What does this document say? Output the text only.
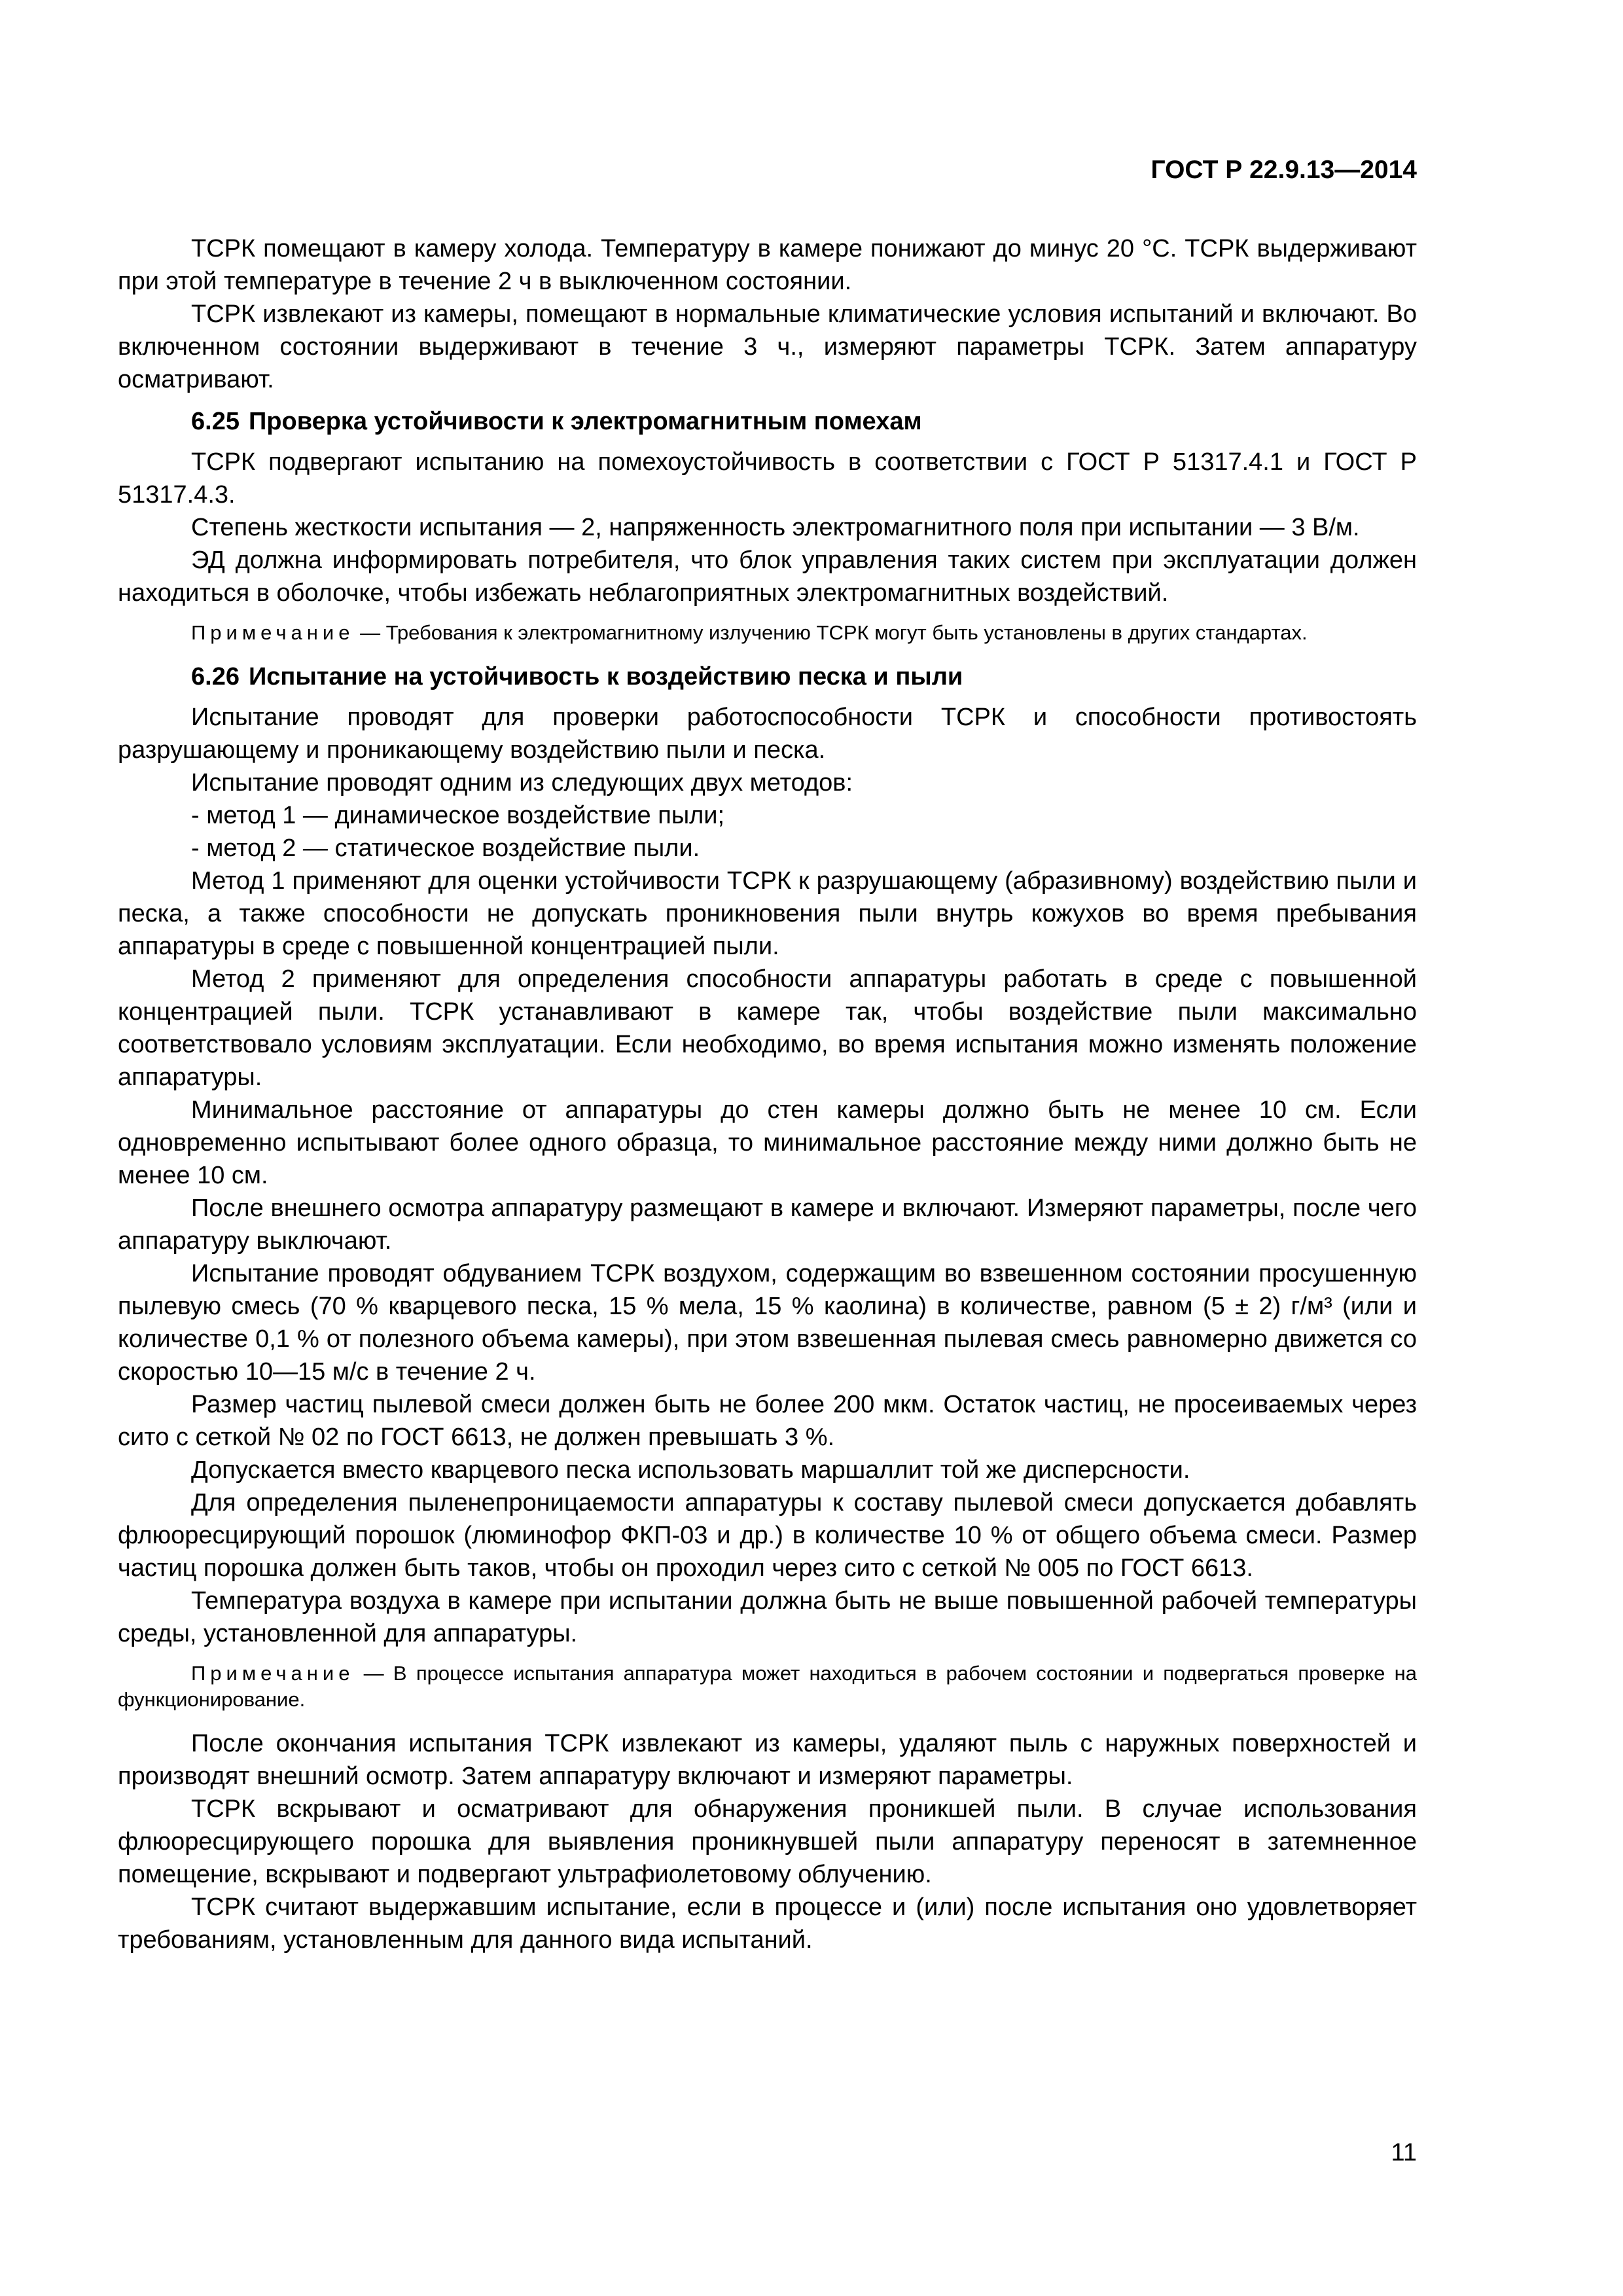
ГОСТ Р 22.9.13—2014

ТСРК помещают в камеру холода. Температуру в камере понижают до минус 20 °С. ТСРК выдерживают при этой температуре в течение 2 ч в выключенном состоянии.

ТСРК извлекают из камеры, помещают в нормальные климатические условия испытаний и включают. Во включенном состоянии выдерживают в течение 3 ч., измеряют параметры ТСРК. Затем аппаратуру осматривают.

6.25 Проверка устойчивости к электромагнитным помехам

ТСРК подвергают испытанию на помехоустойчивость в соответствии с ГОСТ Р 51317.4.1 и ГОСТ Р 51317.4.3.

Степень жесткости испытания — 2, напряженность электромагнитного поля при испытании — 3 В/м.

ЭД должна информировать потребителя, что блок управления таких систем при эксплуатации должен находиться в оболочке, чтобы избежать неблагоприятных электромагнитных воздействий.

Примечание — Требования к электромагнитному излучению ТСРК могут быть установлены в других стандартах.
6.26 Испытание на устойчивость к воздействию песка и пыли

Испытание проводят для проверки работоспособности ТСРК и способности противостоять разрушающему и проникающему воздействию пыли и песка.

Испытание проводят одним из следующих двух методов:

- метод 1 — динамическое воздействие пыли;

- метод 2 — статическое воздействие пыли.

Метод 1 применяют для оценки устойчивости ТСРК к разрушающему (абразивному) воздействию пыли и песка, а также способности не допускать проникновения пыли внутрь кожухов во время пребывания аппаратуры в среде с повышенной концентрацией пыли.

Метод 2 применяют для определения способности аппаратуры работать в среде с повышенной концентрацией пыли. ТСРК устанавливают в камере так, чтобы воздействие пыли максимально соответствовало условиям эксплуатации. Если необходимо, во время испытания можно изменять положение аппаратуры.

Минимальное расстояние от аппаратуры до стен камеры должно быть не менее 10 см. Если одновременно испытывают более одного образца, то минимальное расстояние между ними должно быть не менее 10 см.

После внешнего осмотра аппаратуру размещают в камере и включают. Измеряют параметры, после чего аппаратуру выключают.

Испытание проводят обдуванием ТСРК воздухом, содержащим во взвешенном состоянии просушенную пылевую смесь (70 % кварцевого песка, 15 % мела, 15 % каолина) в количестве, равном (5 ± 2) г/м³ (или и количестве 0,1 % от полезного объема камеры), при этом взвешенная пылевая смесь равномерно движется со скоростью 10—15 м/с в течение 2 ч.

Размер частиц пылевой смеси должен быть не более 200 мкм. Остаток частиц, не просеиваемых через сито с сеткой № 02 по ГОСТ 6613, не должен превышать 3 %.

Допускается вместо кварцевого песка использовать маршаллит той же дисперсности.

Для определения пыленепроницаемости аппаратуры к составу пылевой смеси допускается добавлять флюоресцирующий порошок (люминофор ФКП-03 и др.) в количестве 10 % от общего объема смеси. Размер частиц порошка должен быть таков, чтобы он проходил через сито с сеткой № 005 по ГОСТ 6613.

Температура воздуха в камере при испытании должна быть не выше повышенной рабочей температуры среды, установленной для аппаратуры.

Примечание — В процессе испытания аппаратура может находиться в рабочем состоянии и подвергаться проверке на функционирование.

После окончания испытания ТСРК извлекают из камеры, удаляют пыль с наружных поверхностей и производят внешний осмотр. Затем аппаратуру включают и измеряют параметры.

ТСРК вскрывают и осматривают для обнаружения проникшей пыли. В случае использования флюоресцирующего порошка для выявления проникнувшей пыли аппаратуру переносят в затемненное помещение, вскрывают и подвергают ультрафиолетовому облучению.

ТСРК считают выдержавшим испытание, если в процессе и (или) после испытания оно удовлетворяет требованиям, установленным для данного вида испытаний.

11
